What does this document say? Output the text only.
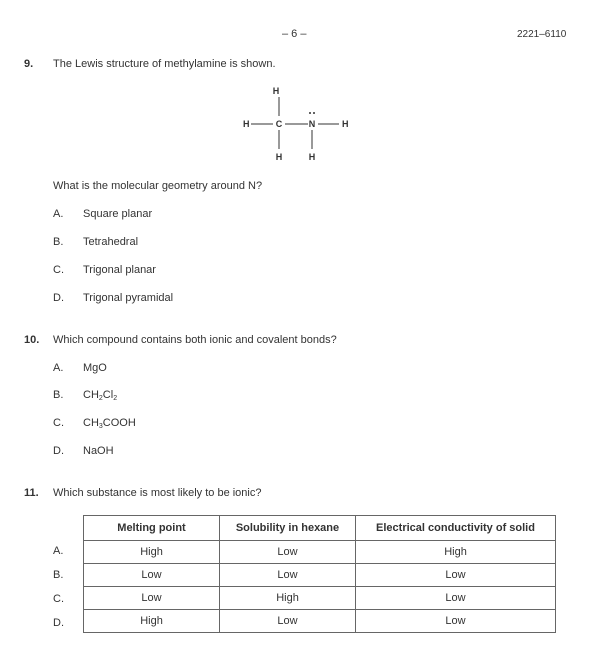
– 6 –	2221–6110
9. The Lewis structure of methylamine is shown.
H
H	C	N	H
H	H
What is the molecular geometry around N?
A. Square planar
B. Tetrahedral
C. Trigonal planar
D. Trigonal pyramidal
10. Which compound contains both ionic and covalent bonds?
A. MgO
B. $CH_2Cl_2$
C. $CH_3COOH$
D. NaOH
11. Which substance is most likely to be ionic?
A.
B.
C.
D.
Melting point	Solubility in hexane	Electrical conductivity of solid
High	Low	High
Low	Low	Low
Low	High	Low
High	Low	Low
